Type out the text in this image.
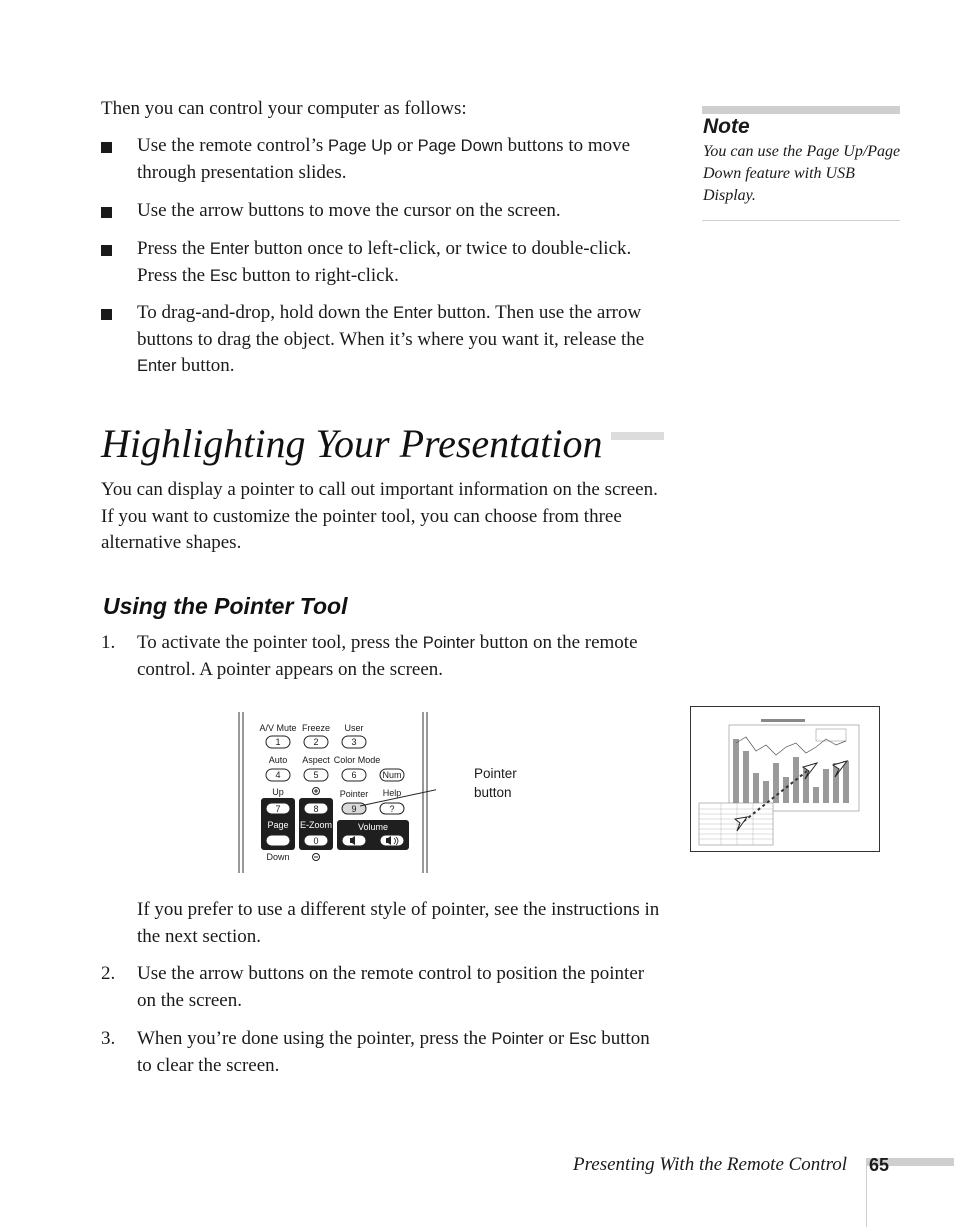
Then you can control your computer as follows:
Use the remote control’s Page Up or Page Down buttons to move through presentation slides.
Use the arrow buttons to move the cursor on the screen.
Press the Enter button once to left-click, or twice to double-click. Press the Esc button to right-click.
To drag-and-drop, hold down the Enter button. Then use the arrow buttons to drag the object. When it’s where you want it, release the Enter button.
Note
You can use the Page Up/Page Down feature with USB Display.
Highlighting Your Presentation
You can display a pointer to call out important information on the screen. If you want to customize the pointer tool, you can choose from three alternative shapes.
Using the Pointer Tool
1. To activate the pointer tool, press the Pointer button on the remote control. A pointer appears on the screen.
A/V Mute Freeze User
1	2	3
Auto Aspect Color Mode
4	5	6	Num
Up	Pointer Help
7	8	9	?
Page E-Zoom	Volume
0
Down
Pointer button
If you prefer to use a different style of pointer, see the instructions in the next section.
2. Use the arrow buttons on the remote control to position the pointer on the screen.
3. When you’re done using the pointer, press the Pointer or Esc button to clear the screen.
Presenting With the Remote Control 65
